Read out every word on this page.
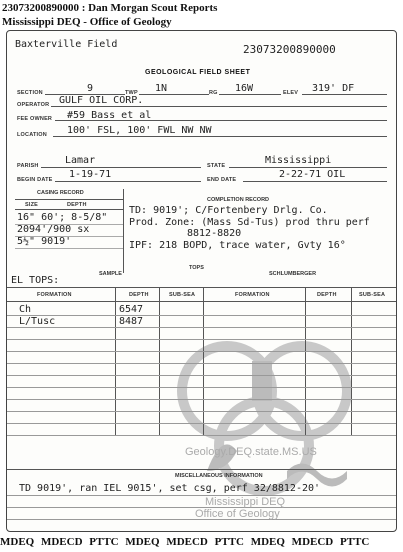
23073200890000 : Dan Morgan Scout Reports
Mississippi DEQ - Office of Geology
Baxterville Field	23073200890000
GEOLOGICAL FIELD SHEET
SECTION	9	TWP 1N	RG 16W	ELEV 319' DF
OPERATOR GULF OIL CORP.
FEE OWNER #59 Bass et al
LOCATION 100' FSL, 100' FWL NW NW
PARISH	Lamar	STATE	Mississippi
BEGIN DATE 1-19-71	END DATE	2-22-71 OIL
CASING RECORD
COMPLETION RECORD
SIZE	DEPTH
16" 60'; 8-5/8"
2094'/900 sx
5½" 9019'
TD: 9019'; C/Fortenbery Drlg. Co.
Prod. Zone: (Mass Sd-Tus) prod thru perf
8812-8820
IPF: 218 BOPD, trace water, Gvty 16°
TOPS
SAMPLE	SCHLUMBERGER
EL TOPS:
FORMATION	DEPTH	SUB-SEA	FORMATION	DEPTH	SUB-SEA
Ch	6547
L/Tusc	8487
MISCELLANEOUS INFORMATION
TD 9019', ran IEL 9015', set csg, perf 32/8812-20'
Geology.DEQ.state.MS.US
Mississippi DEQ
Office of Geology
MDEQ MDECD PTTC MDEQ MDECD PTTC MDEQ MDECD PTTC
